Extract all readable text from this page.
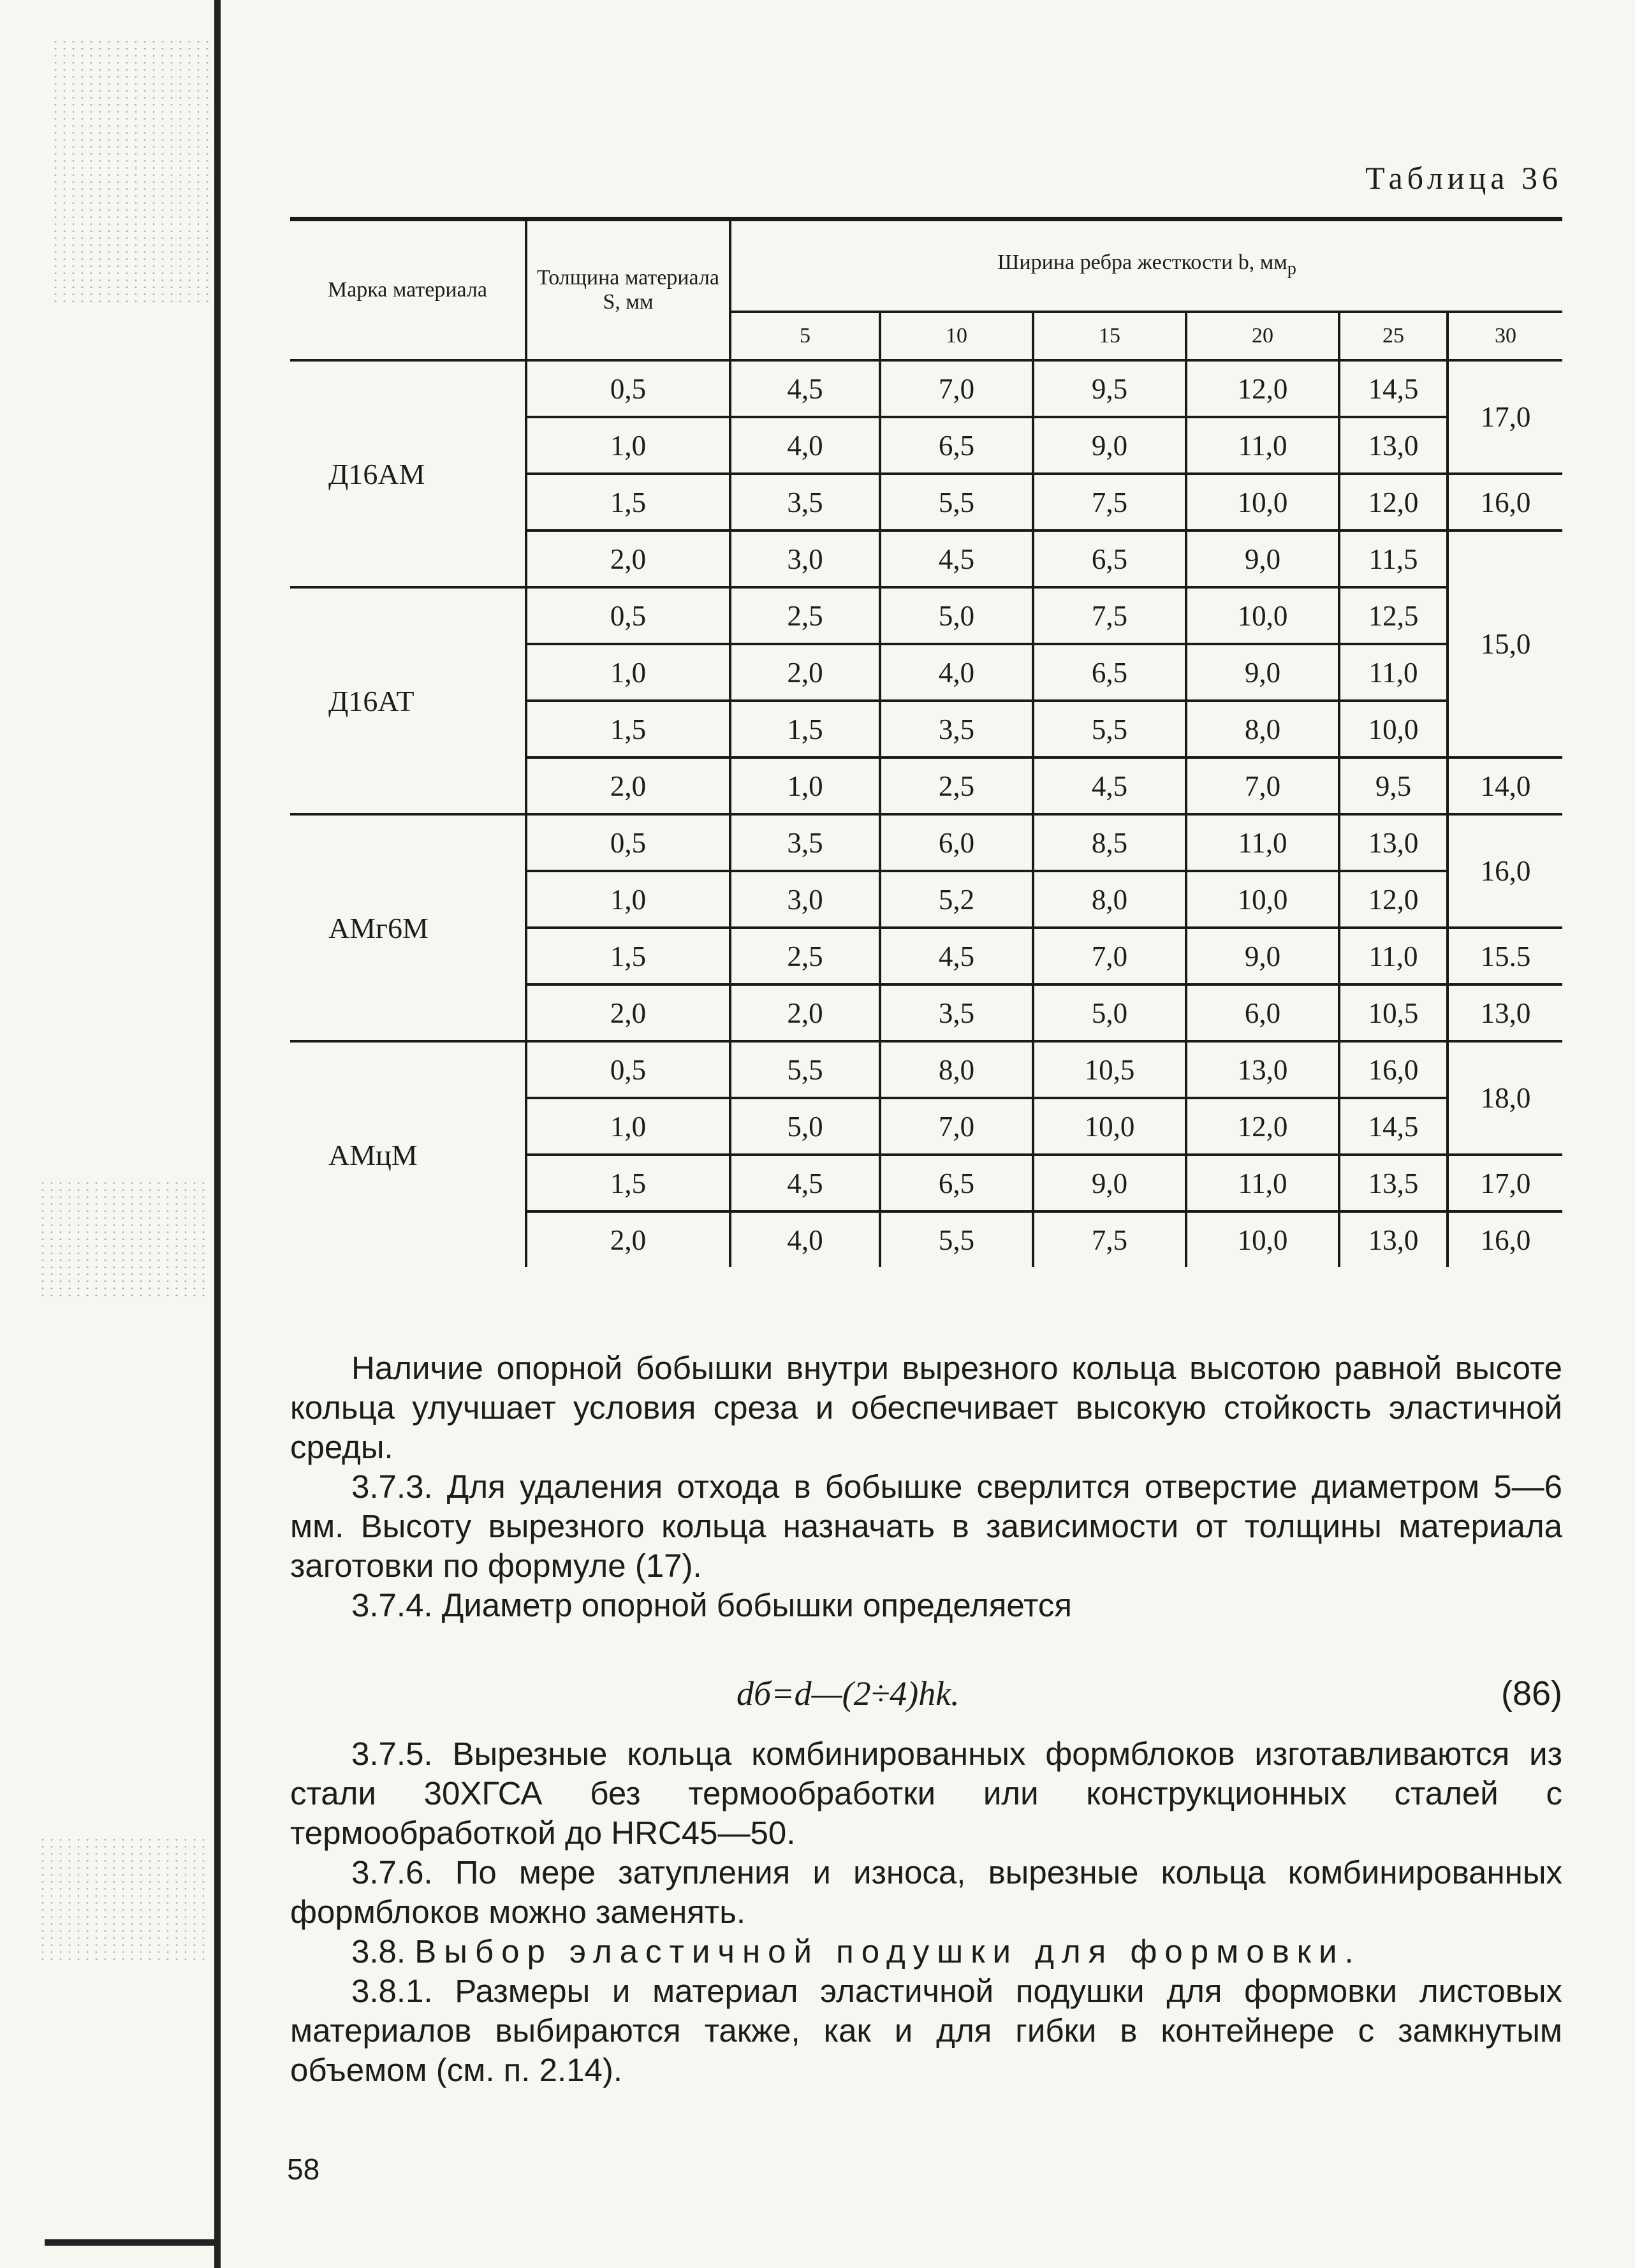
Таблица 36
Марка материала	Толщина материала S, мм	Ширина ребра жесткости b, $мм_р$
		5	10	15	20	25	30
Д16АМ	0,5	4,5	7,0	9,5	12,0	14,5	17,0
	1,0	4,0	6,5	9,0	11,0	13,0	
	1,5	3,5	5,5	7,5	10,0	12,0	16,0
	2,0	3,0	4,5	6,5	9,0	11,5	15,0
Д16АТ	0,5	2,5	5,0	7,5	10,0	12,5	
	1,0	2,0	4,0	6,5	9,0	11,0	
	1,5	1,5	3,5	5,5	8,0	10,0	
	2,0	1,0	2,5	4,5	7,0	9,5	14,0
АМг6М	0,5	3,5	6,0	8,5	11,0	13,0	16,0
	1,0	3,0	5,2	8,0	10,0	12,0	
	1,5	2,5	4,5	7,0	9,0	11,0	15.5
	2,0	2,0	3,5	5,0	6,0	10,5	13,0
АМцМ	0,5	5,5	8,0	10,5	13,0	16,0	18,0
	1,0	5,0	7,0	10,0	12,0	14,5	
	1,5	4,5	6,5	9,0	11,0	13,5	17,0
	2,0	4,0	5,5	7,5	10,0	13,0	16,0

Наличие опорной бобышки внутри вырезного кольца высотою равной высоте кольца улучшает условия среза и обеспечивает высокую стойкость эластичной среды.

3.7.3. Для удаления отхода в бобышке сверлится отверстие диаметром 5—6 мм. Высоту вырезного кольца назначать в зависимости от толщины материала заготовки по формуле (17).

3.7.4. Диаметр опорной бобышки определяется

dб=d—(2÷4)hk.	(86)

3.7.5. Вырезные кольца комбинированных формблоков изготавливаются из стали 30ХГСА без термообработки или конструкционных сталей с термообработкой до HRC45—50.

3.7.6. По мере затупления и износа, вырезные кольца комбинированных формблоков можно заменять.

3.8. Выбор эластичной подушки для формовки.

3.8.1. Размеры и материал эластичной подушки для формовки листовых материалов выбираются также, как и для гибки в контейнере с замкнутым объемом (см. п. 2.14).

58
